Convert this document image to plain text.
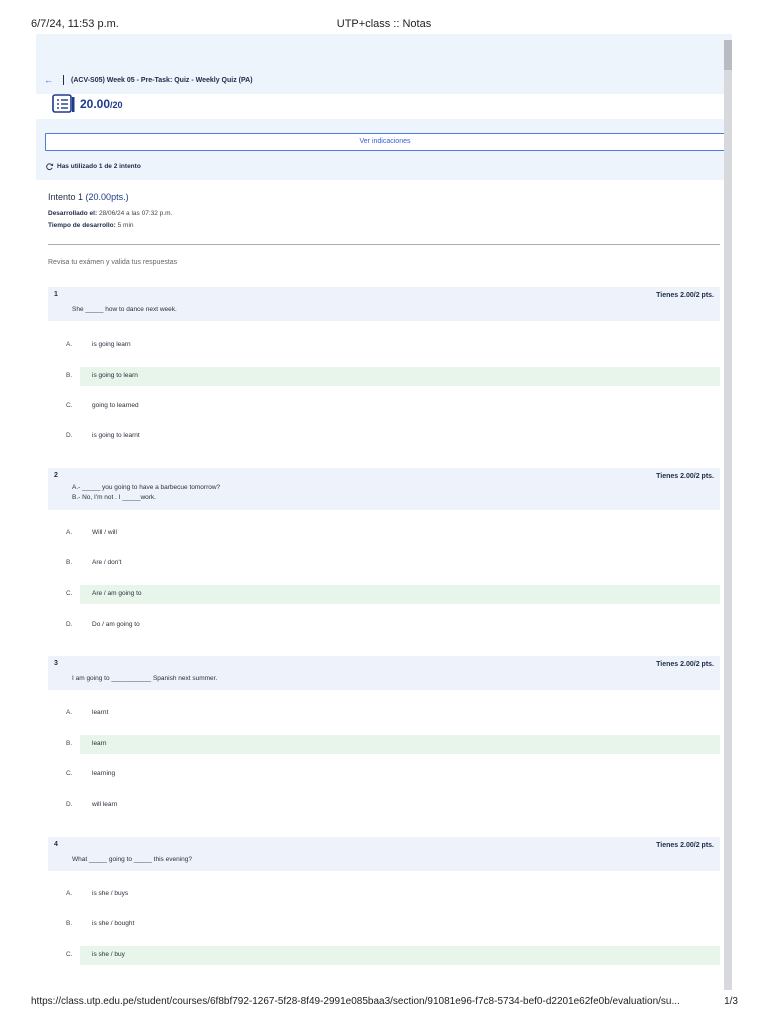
6/7/24, 11:53 p.m.	UTP+class :: Notas
←	(ACV-S05) Week 05 - Pre-Task: Quiz - Weekly Quiz (PA)
20.00/20
Ver indicaciones
Has utilizado 1 de 2 intento
Intento 1 (20.00pts.)
Desarrollado el: 28/06/24 a las 07:32 p.m.
Tiempo de desarrollo: 5 min
Revisa tu exámen y valida tus respuestas
1	Tienes 2.00/2 pts.
She _____ how to dance next week.
A.	is going learn
B.	is going to learn
C.	going to learned
D.	is going to learnt
2	Tienes 2.00/2 pts.
A.- _____ you going to have a barbecue tomorrow?
B.- No, I'm not . I _____work.
A.	Will / will
B.	Are / don't
C.	Are / am going to
D.	Do / am going to
3	Tienes 2.00/2 pts.
I am going to ___________ Spanish next summer.
A.	learnt
B.	learn
C.	learning
D.	will learn
4	Tienes 2.00/2 pts.
What _____ going to _____ this evening?
A.	is she / buys
B.	is she / bought
C.	is she / buy
https://class.utp.edu.pe/student/courses/6f8bf792-1267-5f28-8f49-2991e085baa3/section/91081e96-f7c8-5734-bef0-d2201e62fe0b/evaluation/su...	1/3
